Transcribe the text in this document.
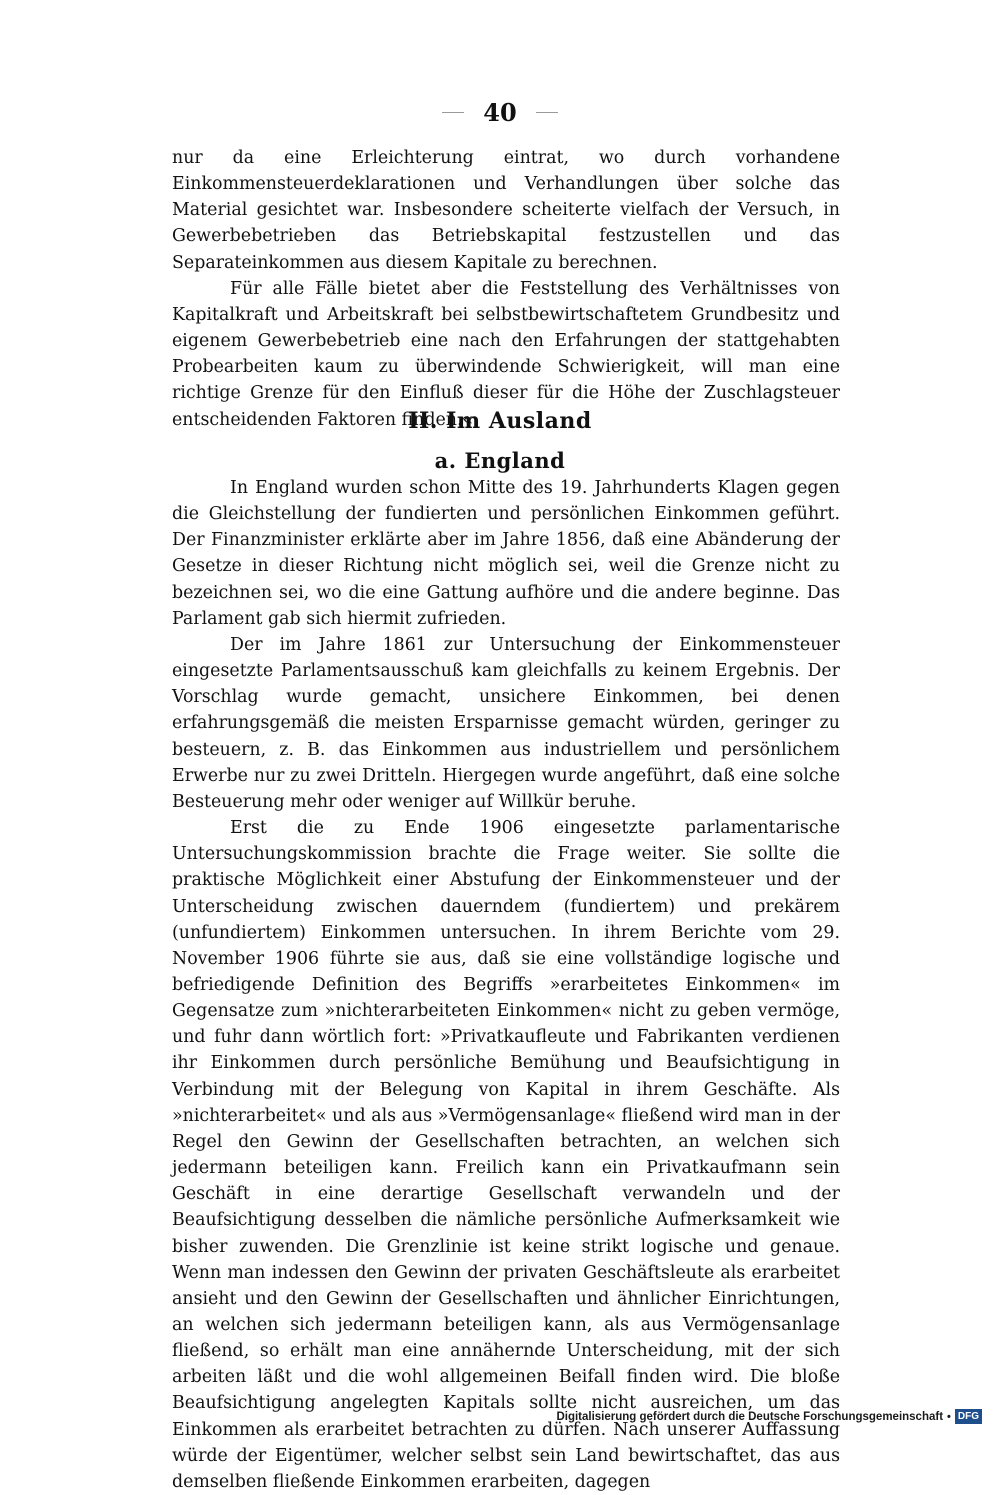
40

nur da eine Erleichterung eintrat, wo durch vorhandene Einkommensteuerdeklarationen und Verhandlungen über solche das Material gesichtet war. Insbesondere scheiterte vielfach der Versuch, in Gewerbebetrieben das Betriebskapital festzustellen und das Separateinkommen aus diesem Kapitale zu berechnen.

Für alle Fälle bietet aber die Feststellung des Verhältnisses von Kapitalkraft und Arbeitskraft bei selbstbewirtschaftetem Grundbesitz und eigenem Gewerbebetrieb eine nach den Erfahrungen der stattgehabten Probearbeiten kaum zu überwindende Schwierigkeit, will man eine richtige Grenze für den Einfluß dieser für die Höhe der Zuschlagsteuer entscheidenden Faktoren finden.«

II. Im Ausland
a. England

In England wurden schon Mitte des 19. Jahrhunderts Klagen gegen die Gleichstellung der fundierten und persönlichen Einkommen geführt. Der Finanzminister erklärte aber im Jahre 1856, daß eine Abänderung der Gesetze in dieser Richtung nicht möglich sei, weil die Grenze nicht zu bezeichnen sei, wo die eine Gattung aufhöre und die andere beginne. Das Parlament gab sich hiermit zufrieden.

Der im Jahre 1861 zur Untersuchung der Einkommensteuer eingesetzte Parlamentsausschuß kam gleichfalls zu keinem Ergebnis. Der Vorschlag wurde gemacht, unsichere Einkommen, bei denen erfahrungsgemäß die meisten Ersparnisse gemacht würden, geringer zu besteuern, z. B. das Einkommen aus industriellem und persönlichem Erwerbe nur zu zwei Dritteln. Hiergegen wurde angeführt, daß eine solche Besteuerung mehr oder weniger auf Willkür beruhe.

Erst die zu Ende 1906 eingesetzte parlamentarische Untersuchungskommission brachte die Frage weiter. Sie sollte die praktische Möglichkeit einer Abstufung der Einkommensteuer und der Unterscheidung zwischen dauerndem (fundiertem) und prekärem (unfundiertem) Einkommen untersuchen. In ihrem Berichte vom 29. November 1906 führte sie aus, daß sie eine vollständige logische und befriedigende Definition des Begriffs »erarbeitetes Einkommen« im Gegensatze zum »nichterarbeiteten Einkommen« nicht zu geben vermöge, und fuhr dann wörtlich fort: »Privatkaufleute und Fabrikanten verdienen ihr Einkommen durch persönliche Bemühung und Beaufsichtigung in Verbindung mit der Belegung von Kapital in ihrem Geschäfte. Als »nichterarbeitet« und als aus »Vermögensanlage« fließend wird man in der Regel den Gewinn der Gesellschaften betrachten, an welchen sich jedermann beteiligen kann. Freilich kann ein Privatkaufmann sein Geschäft in eine derartige Gesellschaft verwandeln und der Beaufsichtigung desselben die nämliche persönliche Aufmerksamkeit wie bisher zuwenden. Die Grenzlinie ist keine strikt logische und genaue. Wenn man indessen den Gewinn der privaten Geschäftsleute als erarbeitet ansieht und den Gewinn der Gesellschaften und ähnlicher Einrichtungen, an welchen sich jedermann beteiligen kann, als aus Vermögensanlage fließend, so erhält man eine annähernde Unterscheidung, mit der sich arbeiten läßt und die wohl allgemeinen Beifall finden wird. Die bloße Beaufsichtigung angelegten Kapitals sollte nicht ausreichen, um das Einkommen als erarbeitet betrachten zu dürfen. Nach unserer Auffassung würde der Eigentümer, welcher selbst sein Land bewirtschaftet, das aus demselben fließende Einkommen erarbeiten, dagegen

Digitalisierung gefördert durch die Deutsche Forschungsgemeinschaft • DFG
